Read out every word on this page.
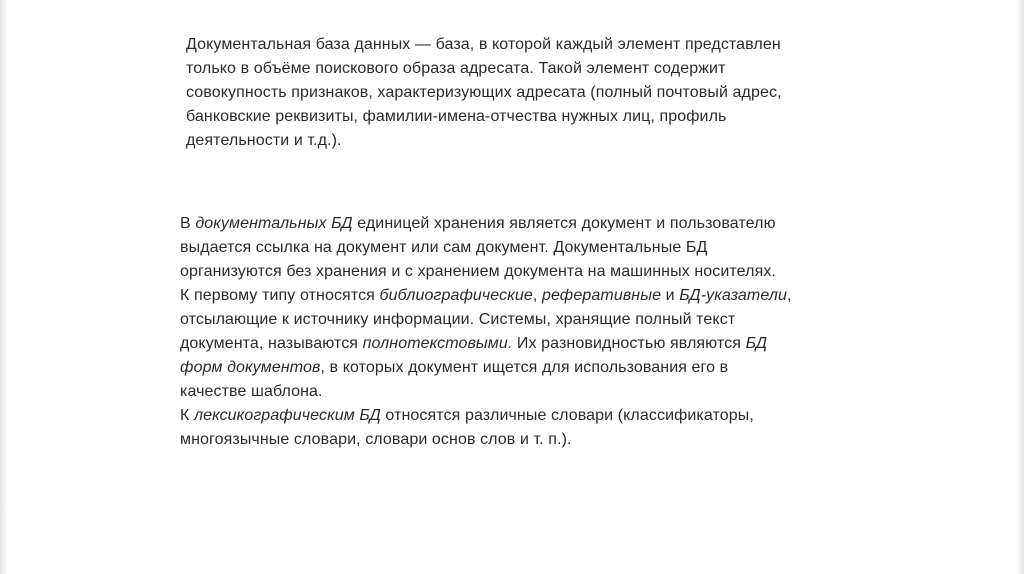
Документальная база данных — база, в которой каждый элемент представлен
только в объёме поискового образа адресата. Такой элемент содержит
совокупность признаков, характеризующих адресата (полный почтовый адрес,
банковские реквизиты, фамилии-имена-отчества нужных лиц, профиль
деятельности и т.д.).
В документальных БД единицей хранения является документ и пользователю
выдается ссылка на документ или сам документ. Документальные БД
организуются без хранения и с хранением документа на машинных носителях.
К первому типу относятся библиографические, реферативные и БД-указатели,
отсылающие к источнику информации. Системы, хранящие полный текст
документа, называются полнотекстовыми. Их разновидностью являются БД
форм документов, в которых документ ищется для использования его в
качестве шаблона.
К лексикографическим БД относятся различные словари (классификаторы,
многоязычные словари, словари основ слов и т. п.).
